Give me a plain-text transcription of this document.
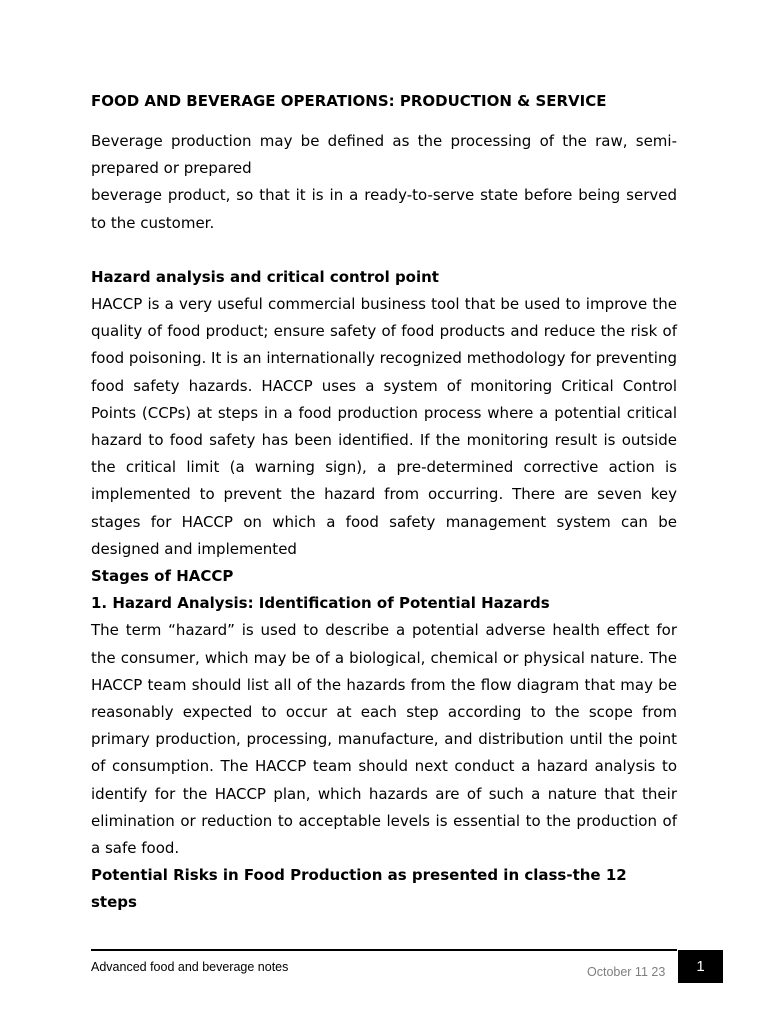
FOOD AND BEVERAGE OPERATIONS: PRODUCTION & SERVICE

Beverage production may be defined as the processing of the raw, semi-prepared or prepared
beverage product, so that it is in a ready-to-serve state before being served to the customer.

Hazard analysis and critical control point

HACCP is a very useful commercial business tool that be used to improve the quality of food product; ensure safety of food products and reduce the risk of food poisoning. It is an internationally recognized methodology for preventing food safety hazards. HACCP uses a system of monitoring Critical Control Points (CCPs) at steps in a food production process where a potential critical hazard to food safety has been identified. If the monitoring result is outside the critical limit (a warning sign), a pre-determined corrective action is implemented to prevent the hazard from occurring. There are seven key stages for HACCP on which a food safety management system can be designed and implemented

Stages of HACCP
1. Hazard Analysis: Identification of Potential Hazards

The term “hazard” is used to describe a potential adverse health effect for the consumer, which may be of a biological, chemical or physical nature. The HACCP team should list all of the hazards from the flow diagram that may be reasonably expected to occur at each step according to the scope from primary production, processing, manufacture, and distribution until the point of consumption. The HACCP team should next conduct a hazard analysis to identify for the HACCP plan, which hazards are of such a nature that their elimination or reduction to acceptable levels is essential to the production of a safe food.

Potential Risks in Food Production as presented in class-the 12 steps
Advanced food and beverage notes	October 11 23	1
